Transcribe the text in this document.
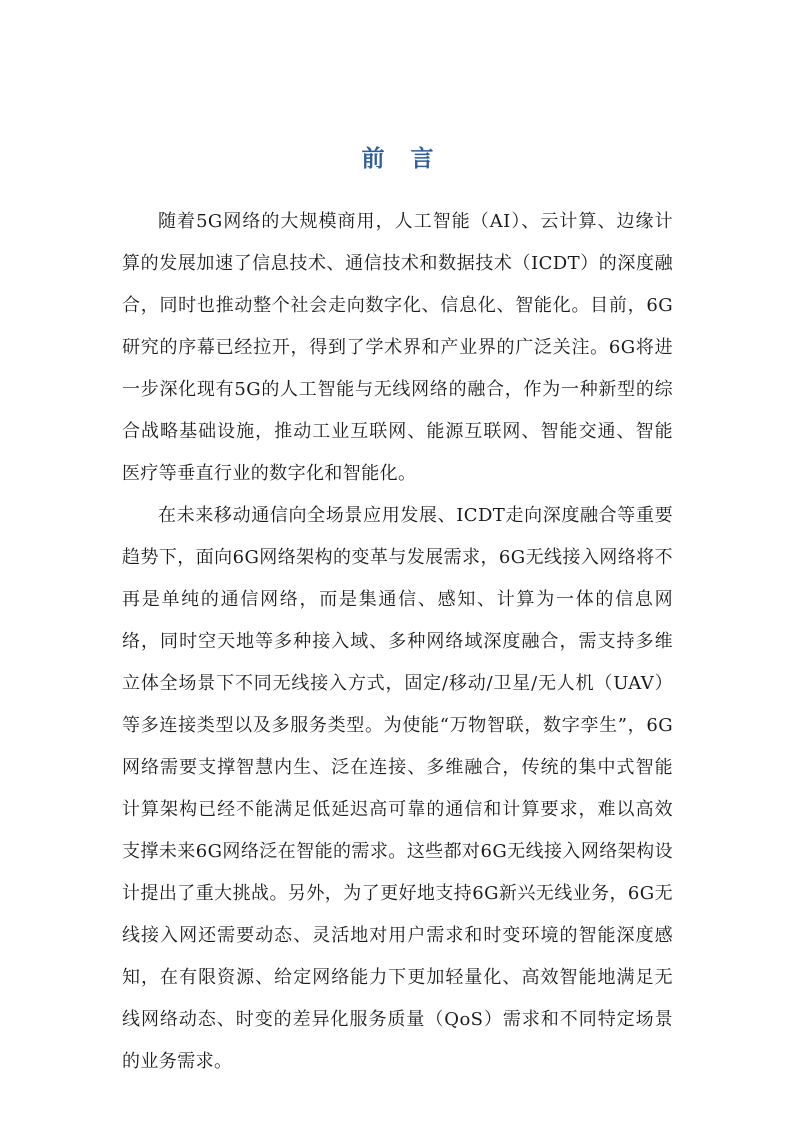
前言

随着5G网络的大规模商用，人工智能（AI）、云计算、边缘计算的发展加速了信息技术、通信技术和数据技术（ICDT）的深度融合，同时也推动整个社会走向数字化、信息化、智能化。目前，6G研究的序幕已经拉开，得到了学术界和产业界的广泛关注。6G将进一步深化现有5G的人工智能与无线网络的融合，作为一种新型的综合战略基础设施，推动工业互联网、能源互联网、智能交通、智能医疗等垂直行业的数字化和智能化。

在未来移动通信向全场景应用发展、ICDT走向深度融合等重要趋势下，面向6G网络架构的变革与发展需求，6G无线接入网络将不再是单纯的通信网络，而是集通信、感知、计算为一体的信息网络，同时空天地等多种接入域、多种网络域深度融合，需支持多维立体全场景下不同无线接入方式，固定/移动/卫星/无人机（UAV）等多连接类型以及多服务类型。为使能“万物智联，数字孪生”，6G网络需要支撑智慧内生、泛在连接、多维融合，传统的集中式智能计算架构已经不能满足低延迟高可靠的通信和计算要求，难以高效支撑未来6G网络泛在智能的需求。这些都对6G无线接入网络架构设计提出了重大挑战。另外，为了更好地支持6G新兴无线业务，6G无线接入网还需要动态、灵活地对用户需求和时变环境的智能深度感知，在有限资源、给定网络能力下更加轻量化、高效智能地满足无线网络动态、时变的差异化服务质量（QoS）需求和不同特定场景的业务需求。
